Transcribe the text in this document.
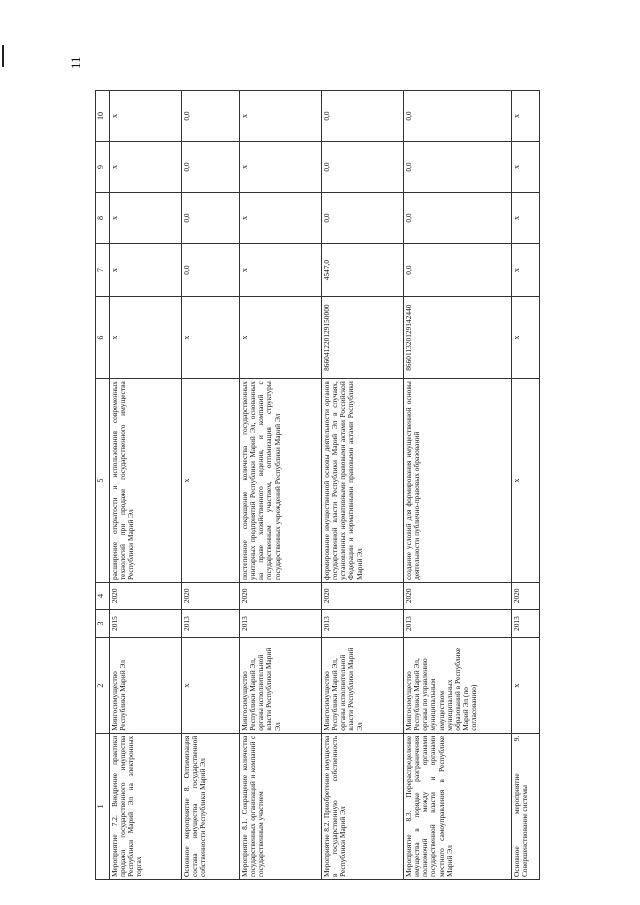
11
1	2	3	4	5	6	7	8	9	10
Мероприятие 7.2. Внедрение практики продажи государственного имущества Республики Марий Эл на электронных торгах	Мингосимущество Республики Марий Эл	2015	2020	расширение открытости и использования современных технологий при продаже государственного имущества Республики Марий Эл	x	x	x	x	x
Основное мероприятие 8. Оптимизация состава имущества государственной собственности Республики Марий Эл	x	2013	2020	x	x	0,0	0,0	0,0	0,0
Мероприятие 8.1. Сокращение количества государственных организаций и компаний с государственным участием	Мингосимущество Республики Марий Эл, органы исполнительной власти Республики Марий Эл	2013	2020	постепенное сокращение количества государственных унитарных предприятий Республики Марий Эл, основанных на праве хозяйственного ведения, и компаний с государственным участием, оптимизация структуры государственных учреждений Республики Марий Эл	x	x	x	x	x
Мероприятие 8.2. Приобретение имущества в государственную собственность Республики Марий Эл	Мингосимущество Республики Марий Эл, органы исполнительной власти Республики Марий Эл	2013	2020	формирование имущественной основы деятельности органов государственной власти Республики Марий Эл в случаях, установленных нормативными правовыми актами Российской Федерации и нормативными правовыми актами Республики Марий Эл	866041220129150000	4547,0	0,0	0,0	0,0
Мероприятие 8.3. Перераспределение имущества в порядке разграничения полномочий между органами государственной власти и органами местного самоуправления в Республике Марий Эл	Мингосимущество Республики Марий Эл, органы по управлению муниципальным имуществом муниципальных образований в Республике Марий Эл (по согласованию)	2013	2020	создание условий для формирования имущественной основы деятельности публично-правовых образований	866011320129142440	0,0	0,0	0,0	0,0
Основное мероприятие 9. Совершенствование системы	x	2013	2020	x	x	x	x	x	x
